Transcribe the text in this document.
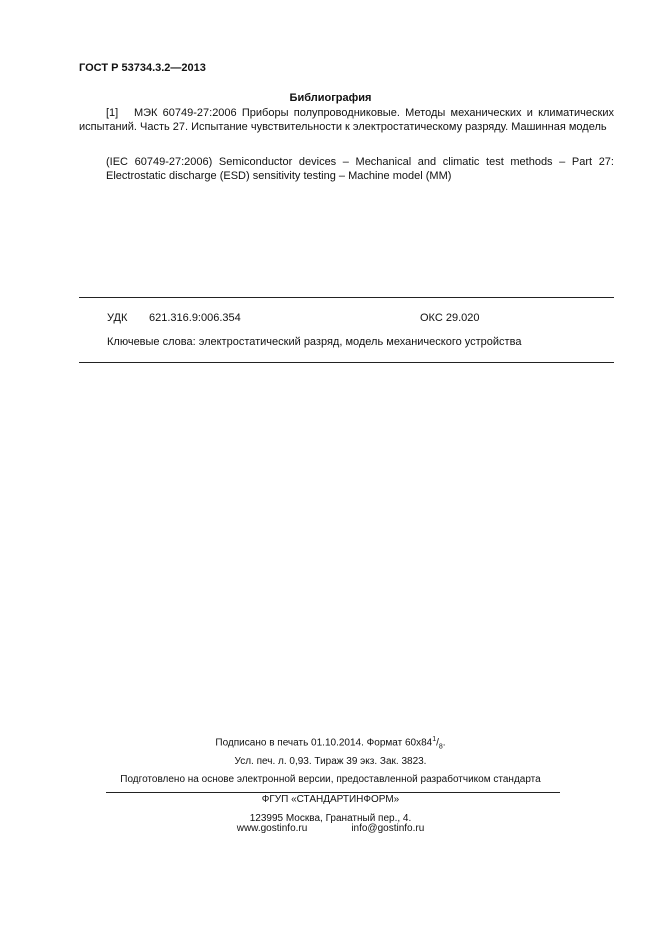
ГОСТ Р 53734.3.2—2013
Библиография
[1] МЭК 60749-27:2006 Приборы полупроводниковые. Методы механических и климатических испытаний. Часть 27. Испытание чувствительности к электростатическому разряду. Машинная модель
(IEC 60749-27:2006) Semiconductor devices – Mechanical and climatic test methods – Part 27: Electrostatic discharge (ESD) sensitivity testing – Machine model (MM)
УДК 621.316.9:006.354	ОКС 29.020
Ключевые слова: электростатический разряд, модель механического устройства
Подписано в печать 01.10.2014. Формат $60x84^1/_8$.
Усл. печ. л. 0,93. Тираж 39 экз. Зак. 3823.
Подготовлено на основе электронной версии, предоставленной разработчиком стандарта
ФГУП «СТАНДАРТИНФОРМ»
123995 Москва, Гранатный пер., 4.
www.gostinfo.ru	info@gostinfo.ru
